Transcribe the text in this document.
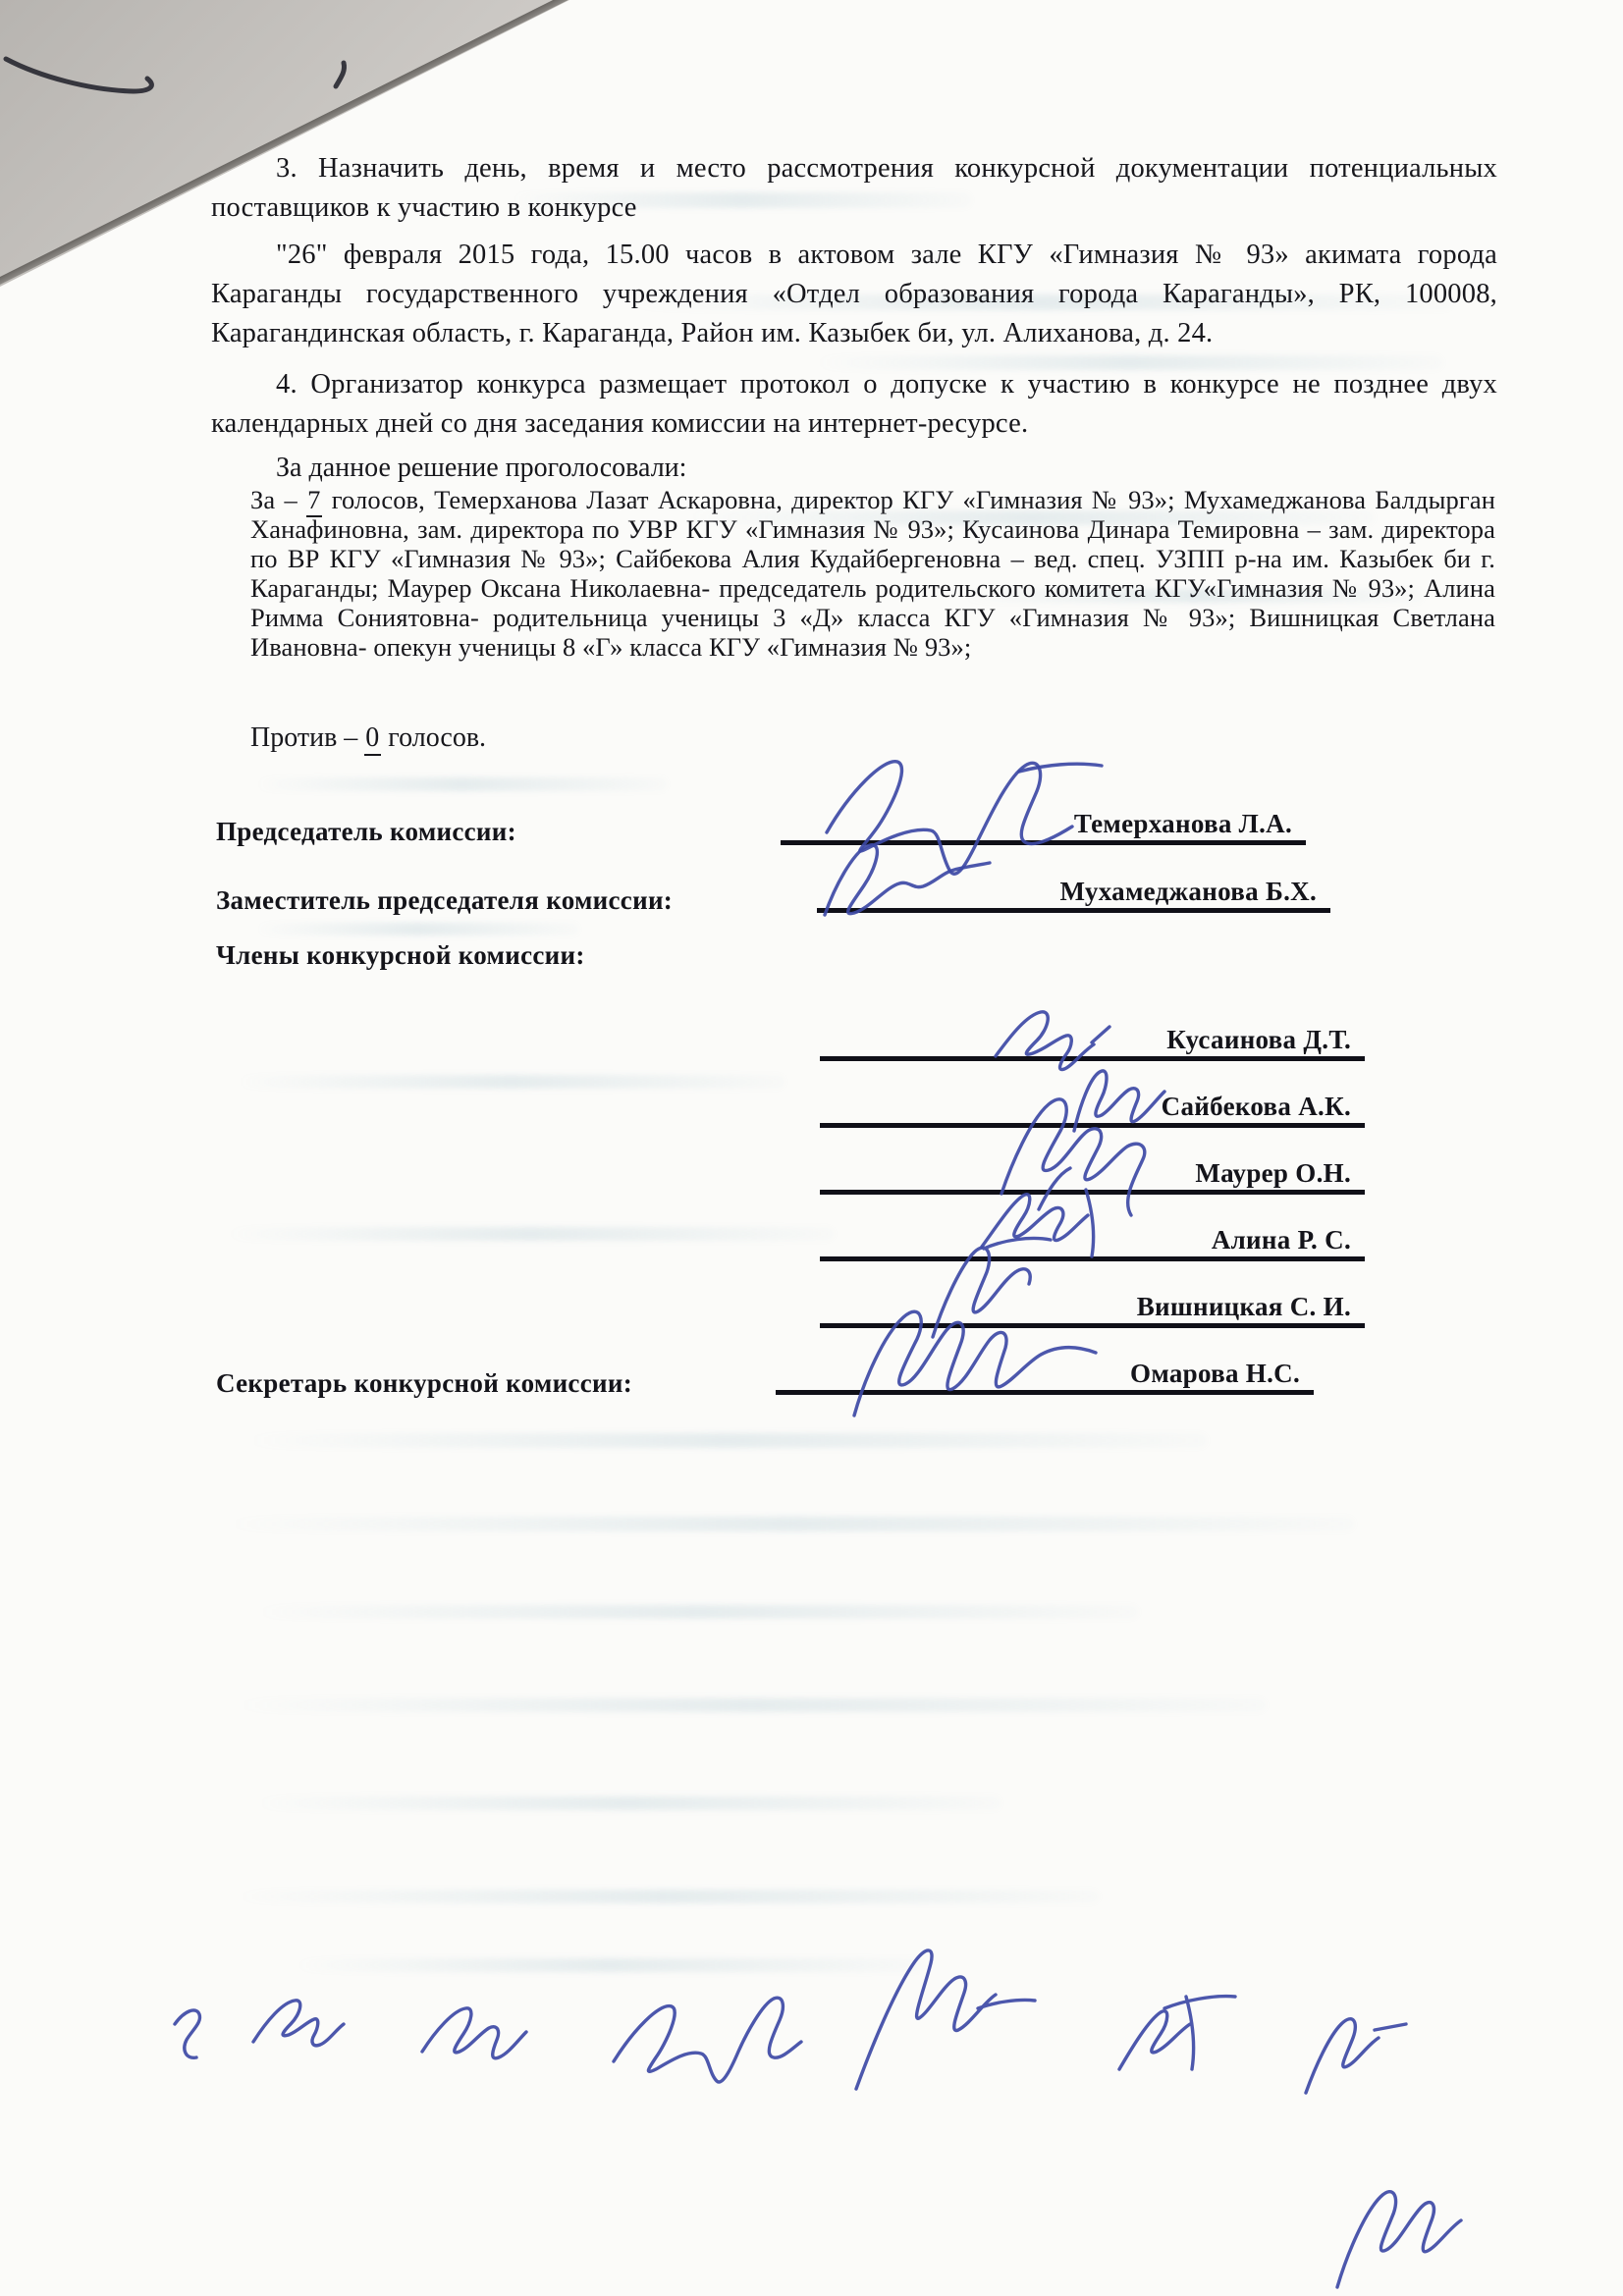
3. Назначить день, время и место рассмотрения конкурсной документации потенциальных поставщиков к участию в конкурсе
"26" февраля 2015 года, 15.00 часов в актовом зале КГУ «Гимназия № 93» акимата города Караганды государственного учреждения «Отдел образования города Караганды», РК, 100008, Карагандинская область, г. Караганда, Район им. Казыбек би, ул. Алиханова, д. 24.
4. Организатор конкурса размещает протокол о допуске к участию в конкурсе не позднее двух календарных дней со дня заседания комиссии на интернет-ресурсе.
За данное решение проголосовали:
За – 7 голосов, Темерханова Лазат Аскаровна, директор КГУ «Гимназия № 93»; Мухамеджанова Балдырган Ханафиновна, зам. директора по УВР КГУ «Гимназия № 93»; Кусаинова Динара Темировна – зам. директора по ВР КГУ «Гимназия № 93»; Сайбекова Алия Кудайбергеновна – вед. спец. УЗПП р-на им. Казыбек би г. Караганды; Маурер Оксана Николаевна- председатель родительского комитета КГУ«Гимназия № 93»; Алина Римма Сониятовна- родительница ученицы 3 «Д» класса КГУ «Гимназия № 93»; Вишницкая Светлана Ивановна- опекун ученицы 8 «Г» класса КГУ «Гимназия № 93»;
Против – 0 голосов.
Председатель комиссии:	Темерханова Л.А.
Заместитель председателя комиссии:	Мухамеджанова Б.Х.
Члены конкурсной комиссии:
Кусаинова Д.Т.
Сайбекова А.К.
Маурер О.Н.
Алина Р. С.
Вишницкая С. И.
Секретарь конкурсной комиссии:	Омарова Н.С.
